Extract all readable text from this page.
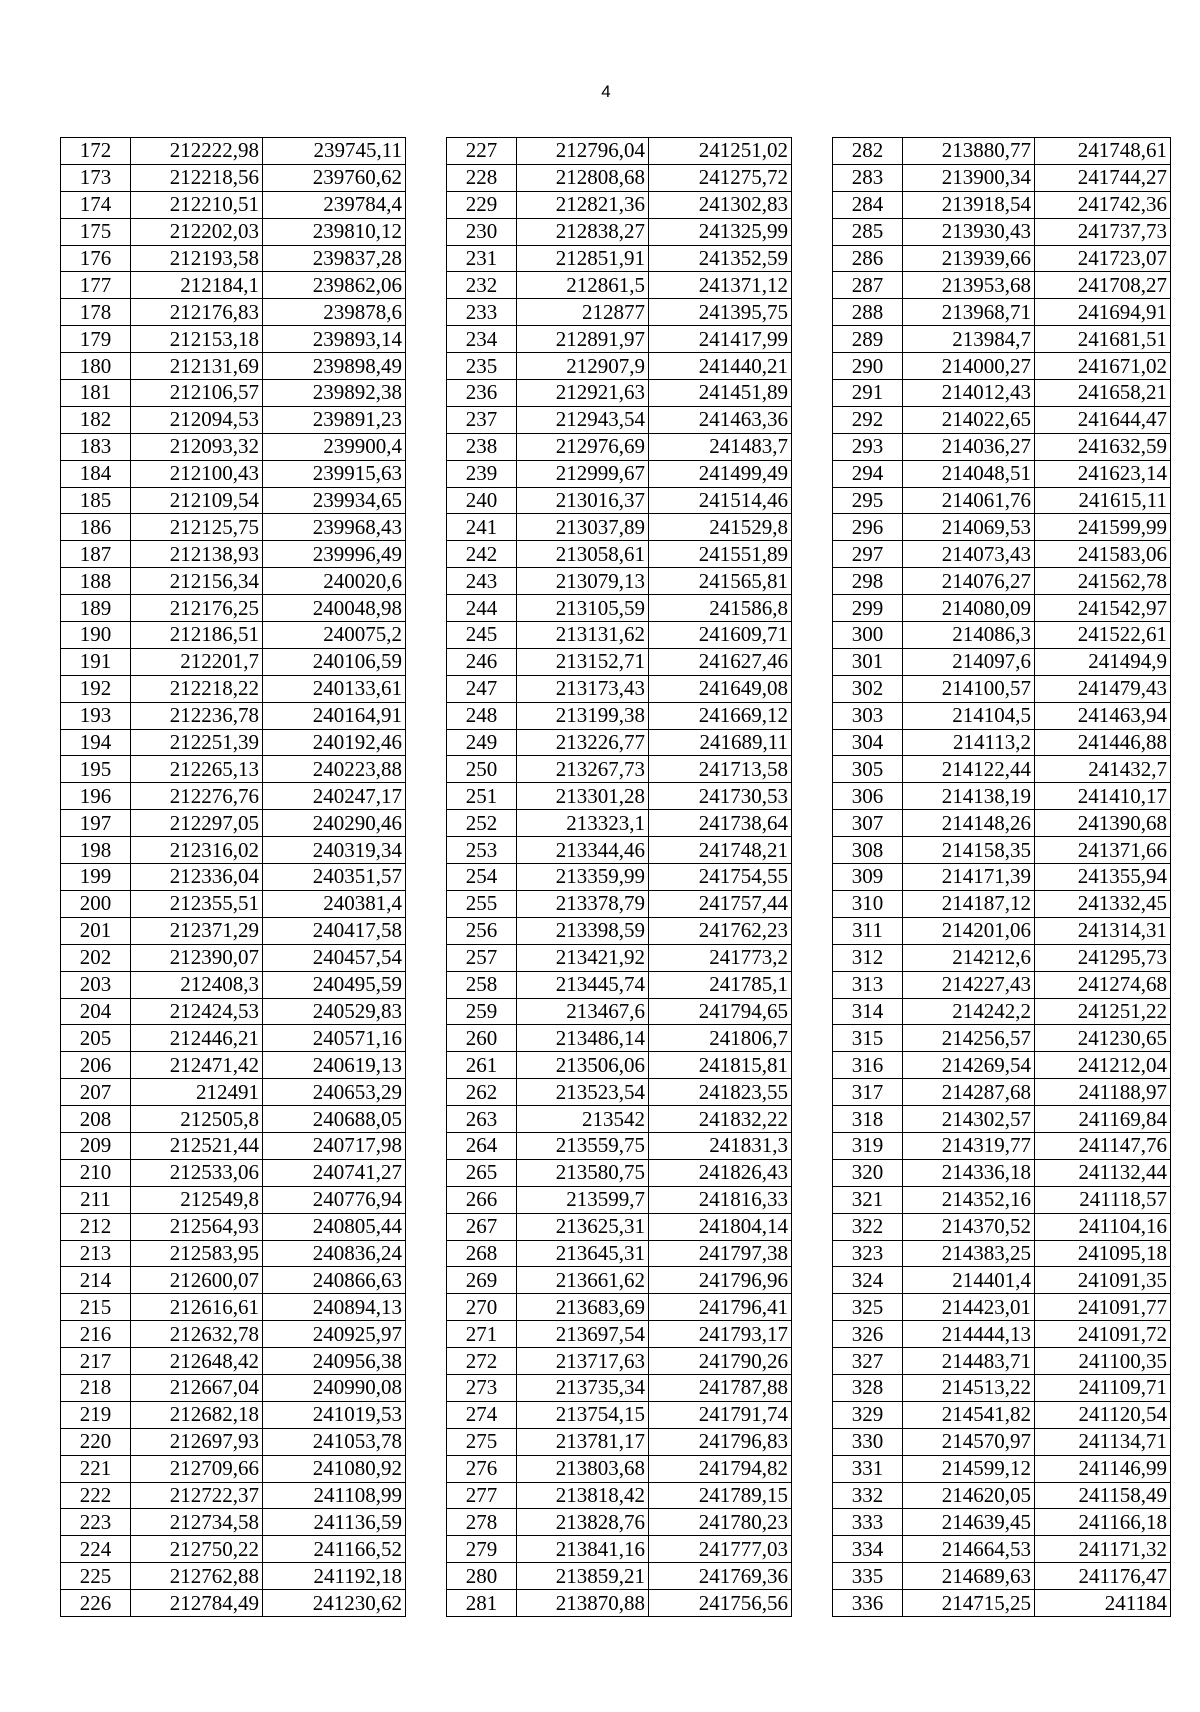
4
172	212222,98	239745,11
173	212218,56	239760,62
174	212210,51	239784,4
175	212202,03	239810,12
176	212193,58	239837,28
177	212184,1	239862,06
178	212176,83	239878,6
179	212153,18	239893,14
180	212131,69	239898,49
181	212106,57	239892,38
182	212094,53	239891,23
183	212093,32	239900,4
184	212100,43	239915,63
185	212109,54	239934,65
186	212125,75	239968,43
187	212138,93	239996,49
188	212156,34	240020,6
189	212176,25	240048,98
190	212186,51	240075,2
191	212201,7	240106,59
192	212218,22	240133,61
193	212236,78	240164,91
194	212251,39	240192,46
195	212265,13	240223,88
196	212276,76	240247,17
197	212297,05	240290,46
198	212316,02	240319,34
199	212336,04	240351,57
200	212355,51	240381,4
201	212371,29	240417,58
202	212390,07	240457,54
203	212408,3	240495,59
204	212424,53	240529,83
205	212446,21	240571,16
206	212471,42	240619,13
207	212491	240653,29
208	212505,8	240688,05
209	212521,44	240717,98
210	212533,06	240741,27
211	212549,8	240776,94
212	212564,93	240805,44
213	212583,95	240836,24
214	212600,07	240866,63
215	212616,61	240894,13
216	212632,78	240925,97
217	212648,42	240956,38
218	212667,04	240990,08
219	212682,18	241019,53
220	212697,93	241053,78
221	212709,66	241080,92
222	212722,37	241108,99
223	212734,58	241136,59
224	212750,22	241166,52
225	212762,88	241192,18
226	212784,49	241230,62
227	212796,04	241251,02
228	212808,68	241275,72
229	212821,36	241302,83
230	212838,27	241325,99
231	212851,91	241352,59
232	212861,5	241371,12
233	212877	241395,75
234	212891,97	241417,99
235	212907,9	241440,21
236	212921,63	241451,89
237	212943,54	241463,36
238	212976,69	241483,7
239	212999,67	241499,49
240	213016,37	241514,46
241	213037,89	241529,8
242	213058,61	241551,89
243	213079,13	241565,81
244	213105,59	241586,8
245	213131,62	241609,71
246	213152,71	241627,46
247	213173,43	241649,08
248	213199,38	241669,12
249	213226,77	241689,11
250	213267,73	241713,58
251	213301,28	241730,53
252	213323,1	241738,64
253	213344,46	241748,21
254	213359,99	241754,55
255	213378,79	241757,44
256	213398,59	241762,23
257	213421,92	241773,2
258	213445,74	241785,1
259	213467,6	241794,65
260	213486,14	241806,7
261	213506,06	241815,81
262	213523,54	241823,55
263	213542	241832,22
264	213559,75	241831,3
265	213580,75	241826,43
266	213599,7	241816,33
267	213625,31	241804,14
268	213645,31	241797,38
269	213661,62	241796,96
270	213683,69	241796,41
271	213697,54	241793,17
272	213717,63	241790,26
273	213735,34	241787,88
274	213754,15	241791,74
275	213781,17	241796,83
276	213803,68	241794,82
277	213818,42	241789,15
278	213828,76	241780,23
279	213841,16	241777,03
280	213859,21	241769,36
281	213870,88	241756,56
282	213880,77	241748,61
283	213900,34	241744,27
284	213918,54	241742,36
285	213930,43	241737,73
286	213939,66	241723,07
287	213953,68	241708,27
288	213968,71	241694,91
289	213984,7	241681,51
290	214000,27	241671,02
291	214012,43	241658,21
292	214022,65	241644,47
293	214036,27	241632,59
294	214048,51	241623,14
295	214061,76	241615,11
296	214069,53	241599,99
297	214073,43	241583,06
298	214076,27	241562,78
299	214080,09	241542,97
300	214086,3	241522,61
301	214097,6	241494,9
302	214100,57	241479,43
303	214104,5	241463,94
304	214113,2	241446,88
305	214122,44	241432,7
306	214138,19	241410,17
307	214148,26	241390,68
308	214158,35	241371,66
309	214171,39	241355,94
310	214187,12	241332,45
311	214201,06	241314,31
312	214212,6	241295,73
313	214227,43	241274,68
314	214242,2	241251,22
315	214256,57	241230,65
316	214269,54	241212,04
317	214287,68	241188,97
318	214302,57	241169,84
319	214319,77	241147,76
320	214336,18	241132,44
321	214352,16	241118,57
322	214370,52	241104,16
323	214383,25	241095,18
324	214401,4	241091,35
325	214423,01	241091,77
326	214444,13	241091,72
327	214483,71	241100,35
328	214513,22	241109,71
329	214541,82	241120,54
330	214570,97	241134,71
331	214599,12	241146,99
332	214620,05	241158,49
333	214639,45	241166,18
334	214664,53	241171,32
335	214689,63	241176,47
336	214715,25	241184
